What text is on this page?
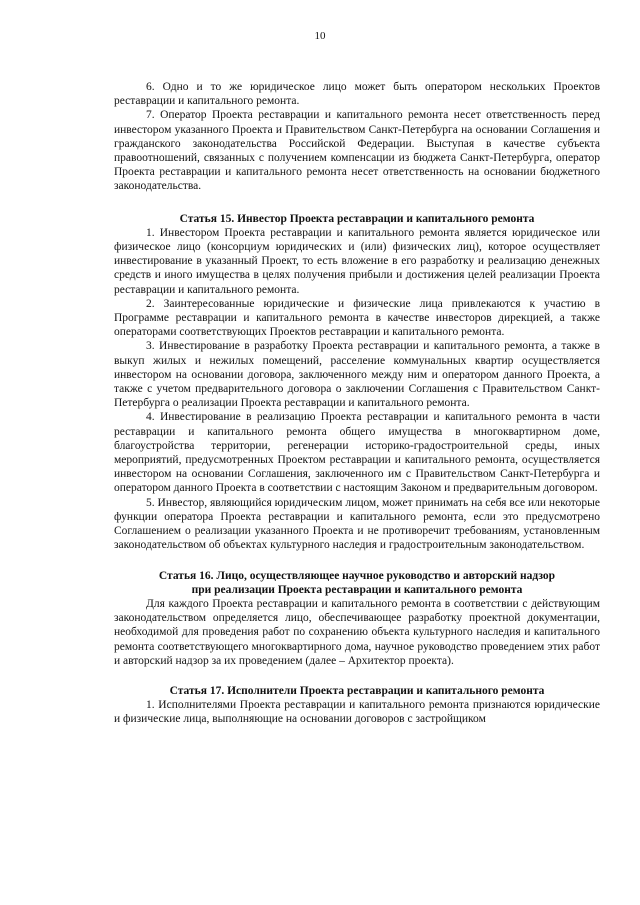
10

6. Одно и то же юридическое лицо может быть оператором нескольких Проектов реставрации и капитального ремонта.

7. Оператор Проекта реставрации и капитального ремонта несет ответственность перед инвестором указанного Проекта и Правительством Санкт-Петербурга на основании Соглашения и гражданского законодательства Российской Федерации. Выступая в качестве субъекта правоотношений, связанных с получением компенсации из бюджета Санкт-Петербурга, оператор Проекта реставрации и капитального ремонта несет ответственность на основании бюджетного законодательства.

Статья 15. Инвестор Проекта реставрации и капитального ремонта

1. Инвестором Проекта реставрации и капитального ремонта является юридическое или физическое лицо (консорциум юридических и (или) физических лиц), которое осуществляет инвестирование в указанный Проект, то есть вложение в его разработку и реализацию денежных средств и иного имущества в целях получения прибыли и достижения целей реализации Проекта реставрации и капитального ремонта.

2. Заинтересованные юридические и физические лица привлекаются к участию в Программе реставрации и капитального ремонта в качестве инвесторов дирекцией, а также операторами соответствующих Проектов реставрации и капитального ремонта.

3. Инвестирование в разработку Проекта реставрации и капитального ремонта, а также в выкуп жилых и нежилых помещений, расселение коммунальных квартир осуществляется инвестором на основании договора, заключенного между ним и оператором данного Проекта, а также с учетом предварительного договора о заключении Соглашения с Правительством Санкт-Петербурга о реализации Проекта реставрации и капитального ремонта.

4. Инвестирование в реализацию Проекта реставрации и капитального ремонта в части реставрации и капитального ремонта общего имущества в многоквартирном доме, благоустройства территории, регенерации историко-градостроительной среды, иных мероприятий, предусмотренных Проектом реставрации и капитального ремонта, осуществляется инвестором на основании Соглашения, заключенного им с Правительством Санкт-Петербурга и оператором данного Проекта в соответствии с настоящим Законом и предварительным договором.

5. Инвестор, являющийся юридическим лицом, может принимать на себя все или некоторые функции оператора Проекта реставрации и капитального ремонта, если это предусмотрено Соглашением о реализации указанного Проекта и не противоречит требованиям, установленным законодательством об объектах культурного наследия и градостроительным законодательством.

Статья 16. Лицо, осуществляющее научное руководство и авторский надзор
при реализации Проекта реставрации и капитального ремонта

Для каждого Проекта реставрации и капитального ремонта в соответствии с действующим законодательством определяется лицо, обеспечивающее разработку проектной документации, необходимой для проведения работ по сохранению объекта культурного наследия и капитального ремонта соответствующего многоквартирного дома, научное руководство проведением этих работ и авторский надзор за их проведением (далее – Архитектор проекта).

Статья 17. Исполнители Проекта реставрации и капитального ремонта

1. Исполнителями Проекта реставрации и капитального ремонта признаются юридические и физические лица, выполняющие на основании договоров с застройщиком
